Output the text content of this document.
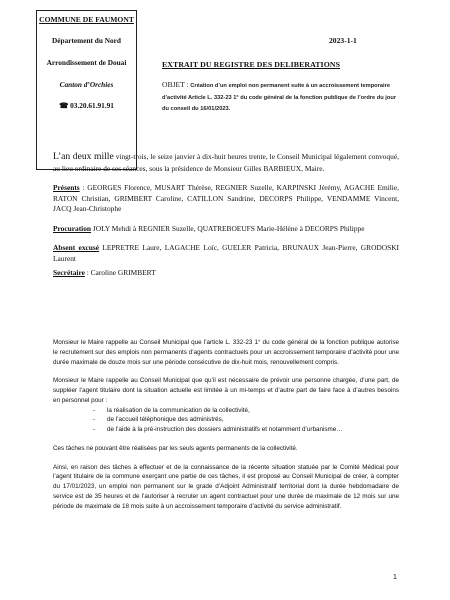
COMMUNE DE FAUMONT
Département du Nord
Arrondissement de Douai
Canton d’Orchies
☎ 03.20.61.91.91
2023-1-1
EXTRAIT DU REGISTRE DES DELIBERATIONS
OBJET : Création d’un emploi non permanent suite à un accroissement temporaire d’activité Article L. 332-23 1° du code général de la fonction publique de l’ordre du jour du conseil du 16/01/2023.

L’an deux mille vingt-trois, le seize janvier à dix-huit heures trente, le Conseil Municipal légalement convoqué, au lieu ordinaire de ses séances, sous la présidence de Monsieur Gilles BARBIEUX, Maire.

Présents : GEORGES Florence, MUSART Thérèse, REGNIER Suzelle, KARPINSKI Jérémy, AGACHE Emilie, RATON Christian, GRIMBERT Caroline, CATILLON Sandrine, DECORPS Philippe, VENDAMME Vincent, JACQ Jean-Christophe

Procuration JOLY Mehdi à REGNIER Suzelle, QUATREBOEUFS Marie-Hélène à DECORPS Philippe

Absent excusé LEPRETRE Laure, LAGACHE Loïc, GUELER Patricia, BRUNAUX Jean-Pierre, GRODOSKI Laurent

Secrétaire : Caroline GRIMBERT

Monsieur le Maire rappelle au Conseil Municipal que l’article L. 332-23 1° du code général de la fonction publique autorise le recrutement sur des emplois non permanents d’agents contractuels pour un accroissement temporaire d’activité pour une durée maximale de douze mois sur une période consécutive de dix-huit mois, renouvellement compris.

Monsieur le Maire rappelle au Conseil Municipal que qu’il est nécessaire de prévoir une personne chargée, d’une part, de suppléer l’agent titulaire dont la situation actuelle est limitée à un mi-temps et d’autre part de faire face à d’autres besoins en personnel pour :

- la réalisation de la communication de la collectivité,
- de l’accueil téléphonique des administrés,
- de l’aide à la pré-instruction des dossiers administratifs et notamment d’urbanisme…

Ces tâches ne pouvant être réalisées par les seuls agents permanents de la collectivité.

Ainsi, en raison des tâches à effectuer et de la connaissance de la récente situation statuée par le Comité Médical pour l’agent titulaire de la commune exerçant une partie de ces tâches, il est proposé au Conseil Municipal de créer, à compter du 17/01/2023, un emploi non permanent sur le grade d’Adjoint Administratif territorial dont la durée hebdomadaire de service est de 35 heures et de l’autoriser à recruter un agent contractuel pour une durée de maximale de 12 mois sur une période de maximale de 18 mois suite à un accroissement temporaire d’activité du service administratif.

1
